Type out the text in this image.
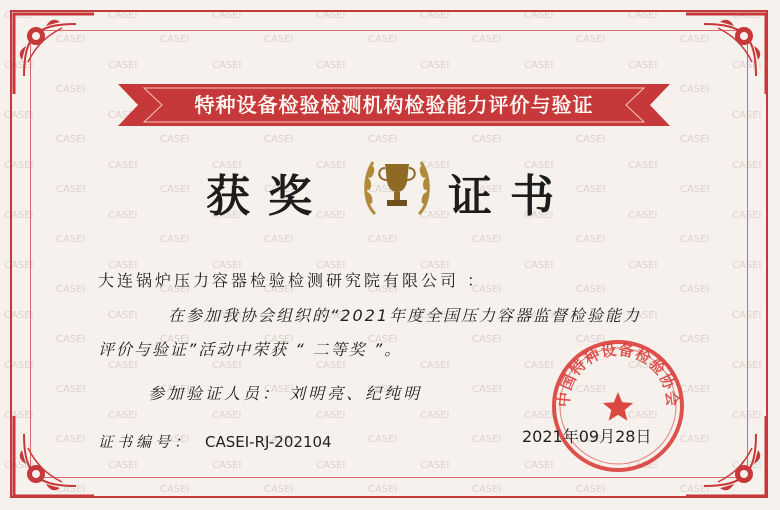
特种设备检验检测机构检验能力评价与验证
获奖	证书
大连锅炉压力容器检验检测研究院有限公司 ：
在参加我协会组织的“2021年度全国压力容器监督检验能力
评价与验证”活动中荣获 “ 二等奖 ”。
参加验证人员： 刘明亮、纪纯明
证书编号： CASEI-RJ-202104
中国特种设备检验协会
2021年09月28日
